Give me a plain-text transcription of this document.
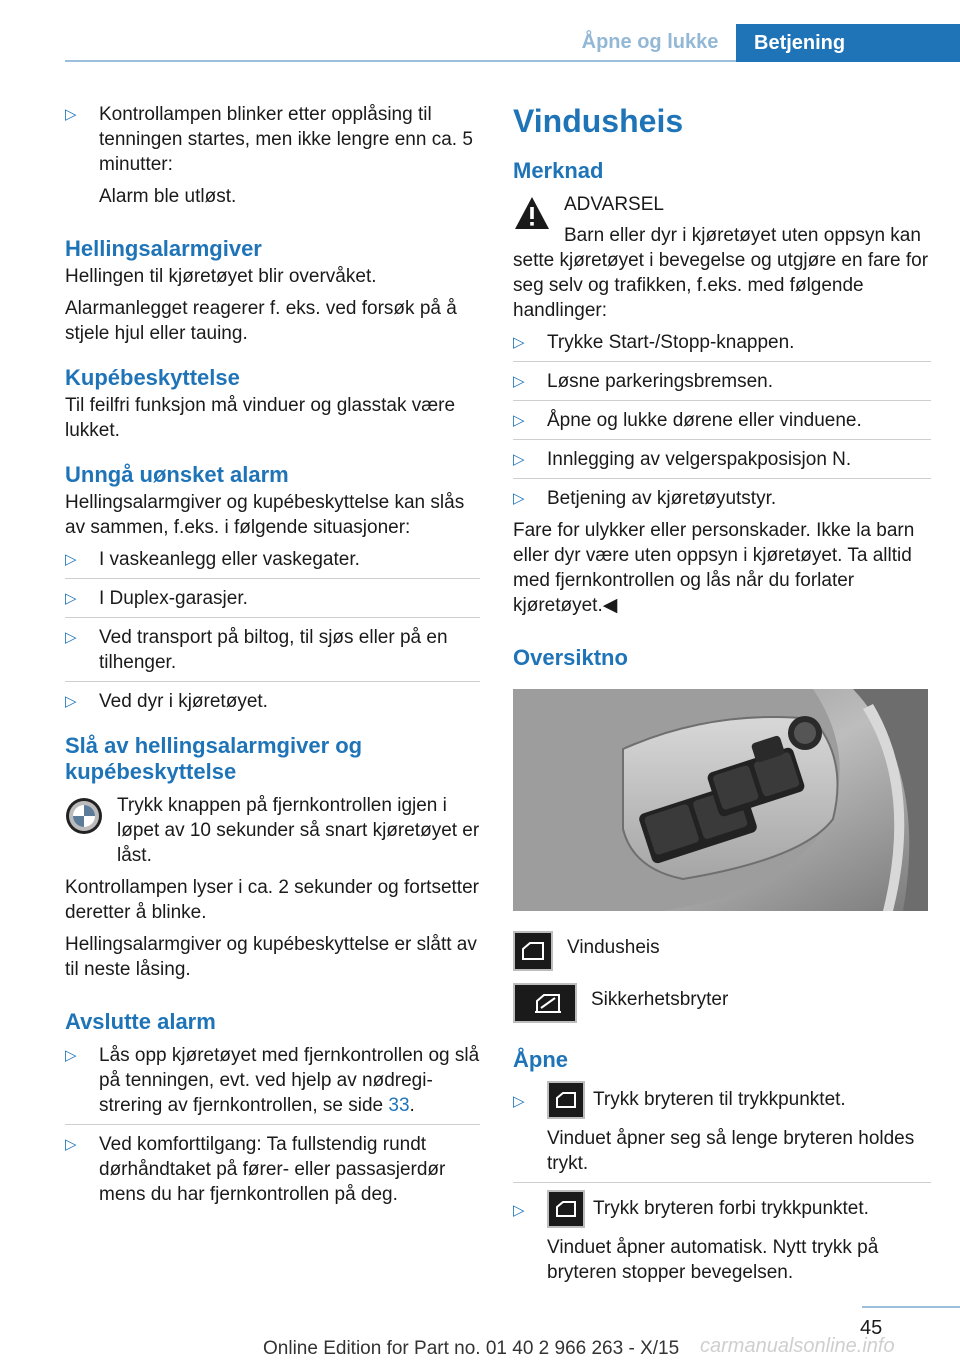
Åpne og lukke	Betjening
▷ Kontrollampen blinker etter opplåsing til tenningen startes, men ikke lengre enn ca. 5 minutter:
Alarm ble utløst.
Hellingsalarmgiver

Hellingen til kjøretøyet blir overvåket.

Alarmanlegget reagerer f. eks. ved forsøk på å stjele hjul eller tauing.

Kupébeskyttelse

Til feilfri funksjon må vinduer og glasstak være lukket.

Unngå uønsket alarm

Hellingsalarmgiver og kupébeskyttelse kan slås av sammen, f.eks. i følgende situasjoner:

▷ I vaskeanlegg eller vaskegater.
▷ I Duplex-garasjer.
▷ Ved transport på biltog, til sjøs eller på en tilhenger.
▷ Ved dyr i kjøretøyet.
Slå av hellingsalarmgiver og kupébeskyttelse

Trykk knappen på fjernkontrollen igjen i løpet av 10 sekunder så snart kjøretøyet er låst.

Kontrollampen lyser i ca. 2 sekunder og fortsetter deretter å blinke.

Hellingsalarmgiver og kupébeskyttelse er slått av til neste låsing.

Avslutte alarm
▷ Lås opp kjøretøyet med fjernkontrollen og slå på tenningen, evt. ved hjelp av nødregistrering av fjernkontrollen, se side 33.
▷ Ved komforttilgang: Ta fullstendig rundt dørhåndtaket på fører- eller passasjerdør mens du har fjernkontrollen på deg.
Vindusheis
Merknad
ADVARSEL

Barn eller dyr i kjøretøyet uten oppsyn kan sette kjøretøyet i bevegelse og utgjøre en fare for seg selv og trafikken, f.eks. med følgende handlinger:

▷ Trykke Start-/Stopp-knappen.
▷ Løsne parkeringsbremsen.
▷ Åpne og lukke dørene eller vinduene.
▷ Innlegging av velgerspakposisjon N.
▷ Betjening av kjøretøyutstyr.

Fare for ulykker eller personskader. Ikke la barn eller dyr være uten oppsyn i kjøretøyet. Ta alltid med fjernkontrollen og lås når du forlater kjøretøyet.◀

Oversiktno
Vindusheis
Sikkerhetsbryter
Åpne
▷	Trykk bryteren til trykkpunktet.
Vinduet åpner seg så lenge bryteren holdes trykt.
▷	Trykk bryteren forbi trykkpunktet.
Vinduet åpner automatisk. Nytt trykk på bryteren stopper bevegelsen.
45
Online Edition for Part no. 01 40 2 966 263 - X/15 carmanualsonline.info
